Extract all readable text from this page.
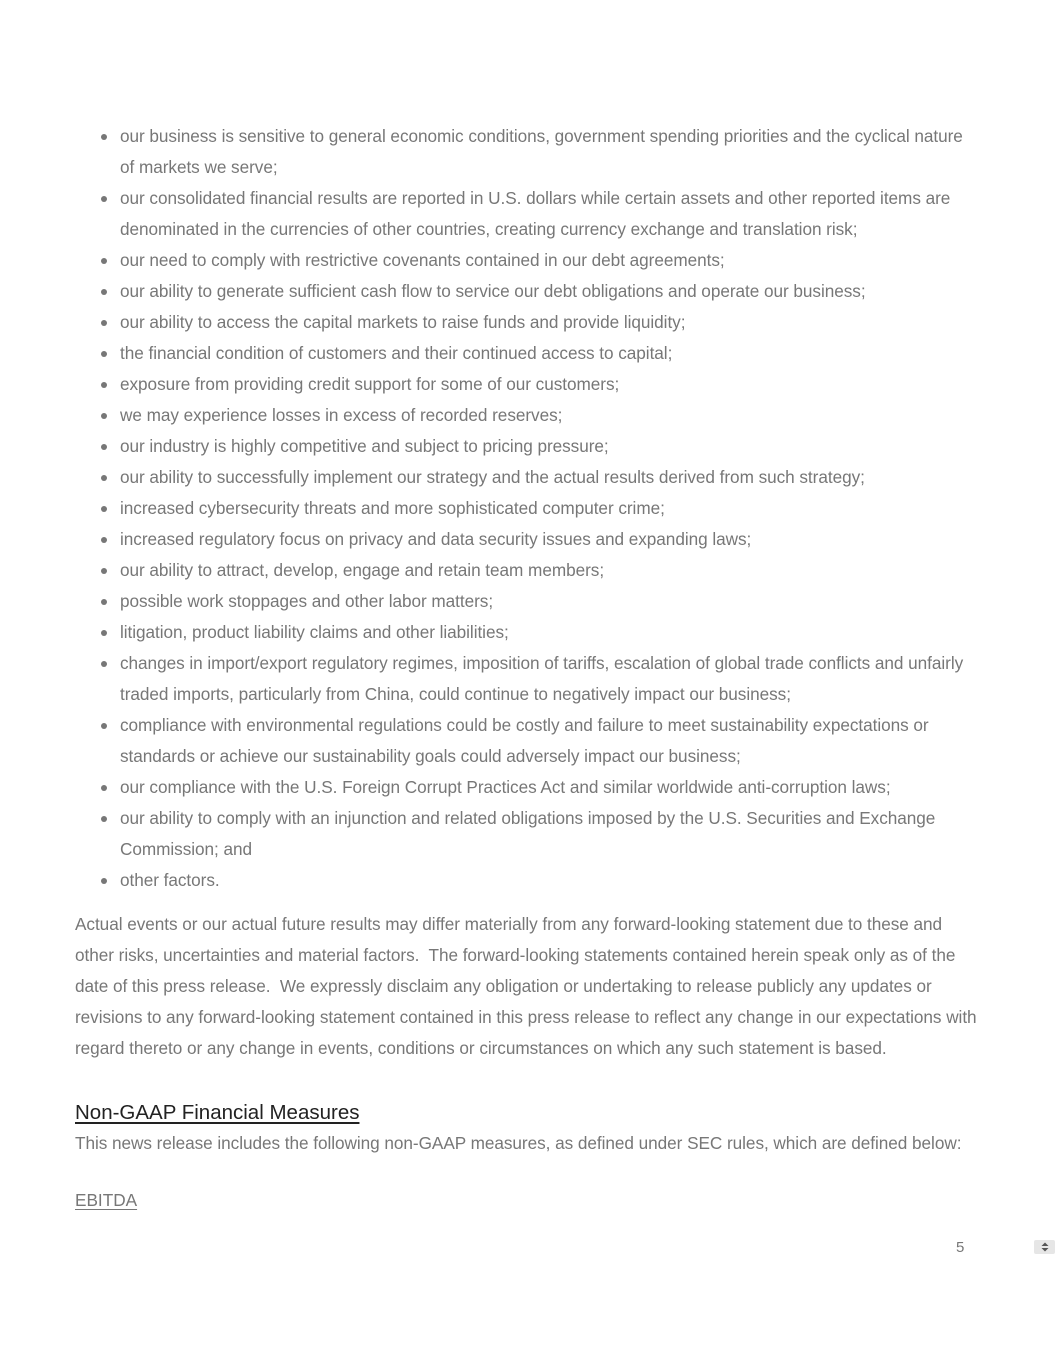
our business is sensitive to general economic conditions, government spending priorities and the cyclical nature of markets we serve;
our consolidated financial results are reported in U.S. dollars while certain assets and other reported items are denominated in the currencies of other countries, creating currency exchange and translation risk;
our need to comply with restrictive covenants contained in our debt agreements;
our ability to generate sufficient cash flow to service our debt obligations and operate our business;
our ability to access the capital markets to raise funds and provide liquidity;
the financial condition of customers and their continued access to capital;
exposure from providing credit support for some of our customers;
we may experience losses in excess of recorded reserves;
our industry is highly competitive and subject to pricing pressure;
our ability to successfully implement our strategy and the actual results derived from such strategy;
increased cybersecurity threats and more sophisticated computer crime;
increased regulatory focus on privacy and data security issues and expanding laws;
our ability to attract, develop, engage and retain team members;
possible work stoppages and other labor matters;
litigation, product liability claims and other liabilities;
changes in import/export regulatory regimes, imposition of tariffs, escalation of global trade conflicts and unfairly traded imports, particularly from China, could continue to negatively impact our business;
compliance with environmental regulations could be costly and failure to meet sustainability expectations or standards or achieve our sustainability goals could adversely impact our business;
our compliance with the U.S. Foreign Corrupt Practices Act and similar worldwide anti-corruption laws;
our ability to comply with an injunction and related obligations imposed by the U.S. Securities and Exchange Commission; and
other factors.

Actual events or our actual future results may differ materially from any forward-looking statement due to these and other risks, uncertainties and material factors.  The forward-looking statements contained herein speak only as of the date of this press release.  We expressly disclaim any obligation or undertaking to release publicly any updates or revisions to any forward-looking statement contained in this press release to reflect any change in our expectations with regard thereto or any change in events, conditions or circumstances on which any such statement is based.

Non-GAAP Financial Measures

This news release includes the following non-GAAP measures, as defined under SEC rules, which are defined below:

EBITDA
5
